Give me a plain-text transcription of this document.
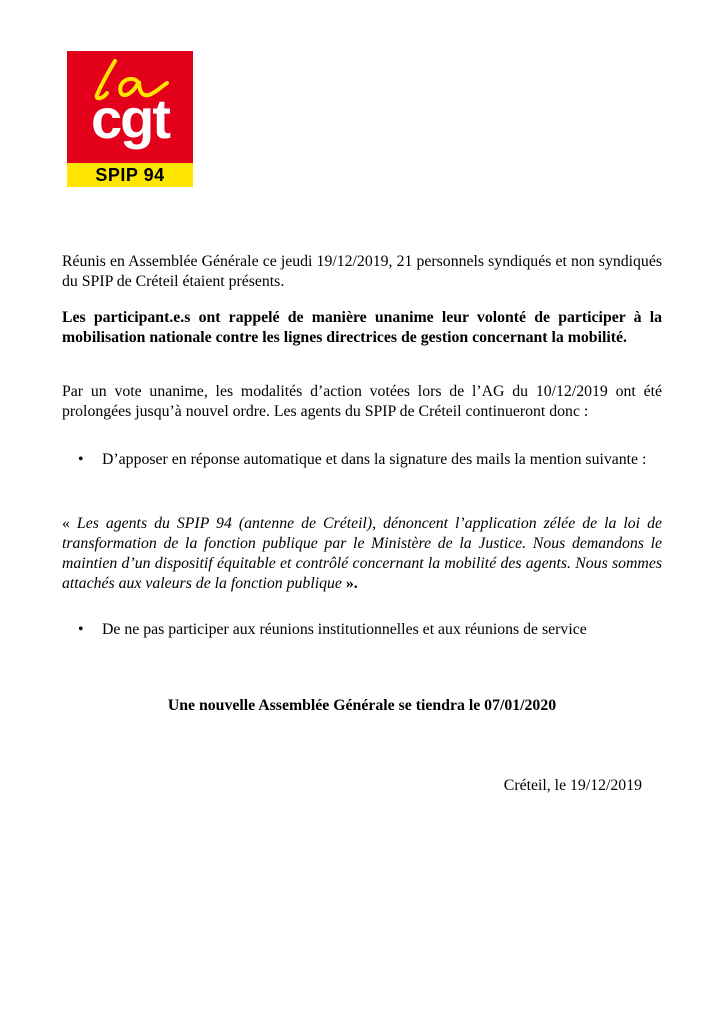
cgt
SPIP 94
Réunis en Assemblée Générale ce jeudi 19/12/2019, 21 personnels syndiqués et non syndiqués du SPIP de Créteil étaient présents.
Les participant.e.s ont rappelé de manière unanime leur volonté de participer à la mobilisation nationale contre les lignes directrices de gestion concernant la mobilité.
Par un vote unanime, les modalités d’action votées lors de l’AG du 10/12/2019 ont été prolongées jusqu’à nouvel ordre. Les agents du SPIP de Créteil continueront donc :
• D’apposer en réponse automatique et dans la signature des mails la mention suivante :
« Les agents du SPIP 94 (antenne de Créteil), dénoncent l’application zélée de la loi de transformation de la fonction publique par le Ministère de la Justice. Nous demandons le maintien d’un dispositif équitable et contrôlé concernant la mobilité des agents. Nous sommes attachés aux valeurs de la fonction publique ».
• De ne pas participer aux réunions institutionnelles et aux réunions de service
Une nouvelle Assemblée Générale se tiendra le 07/01/2020
Créteil, le 19/12/2019
